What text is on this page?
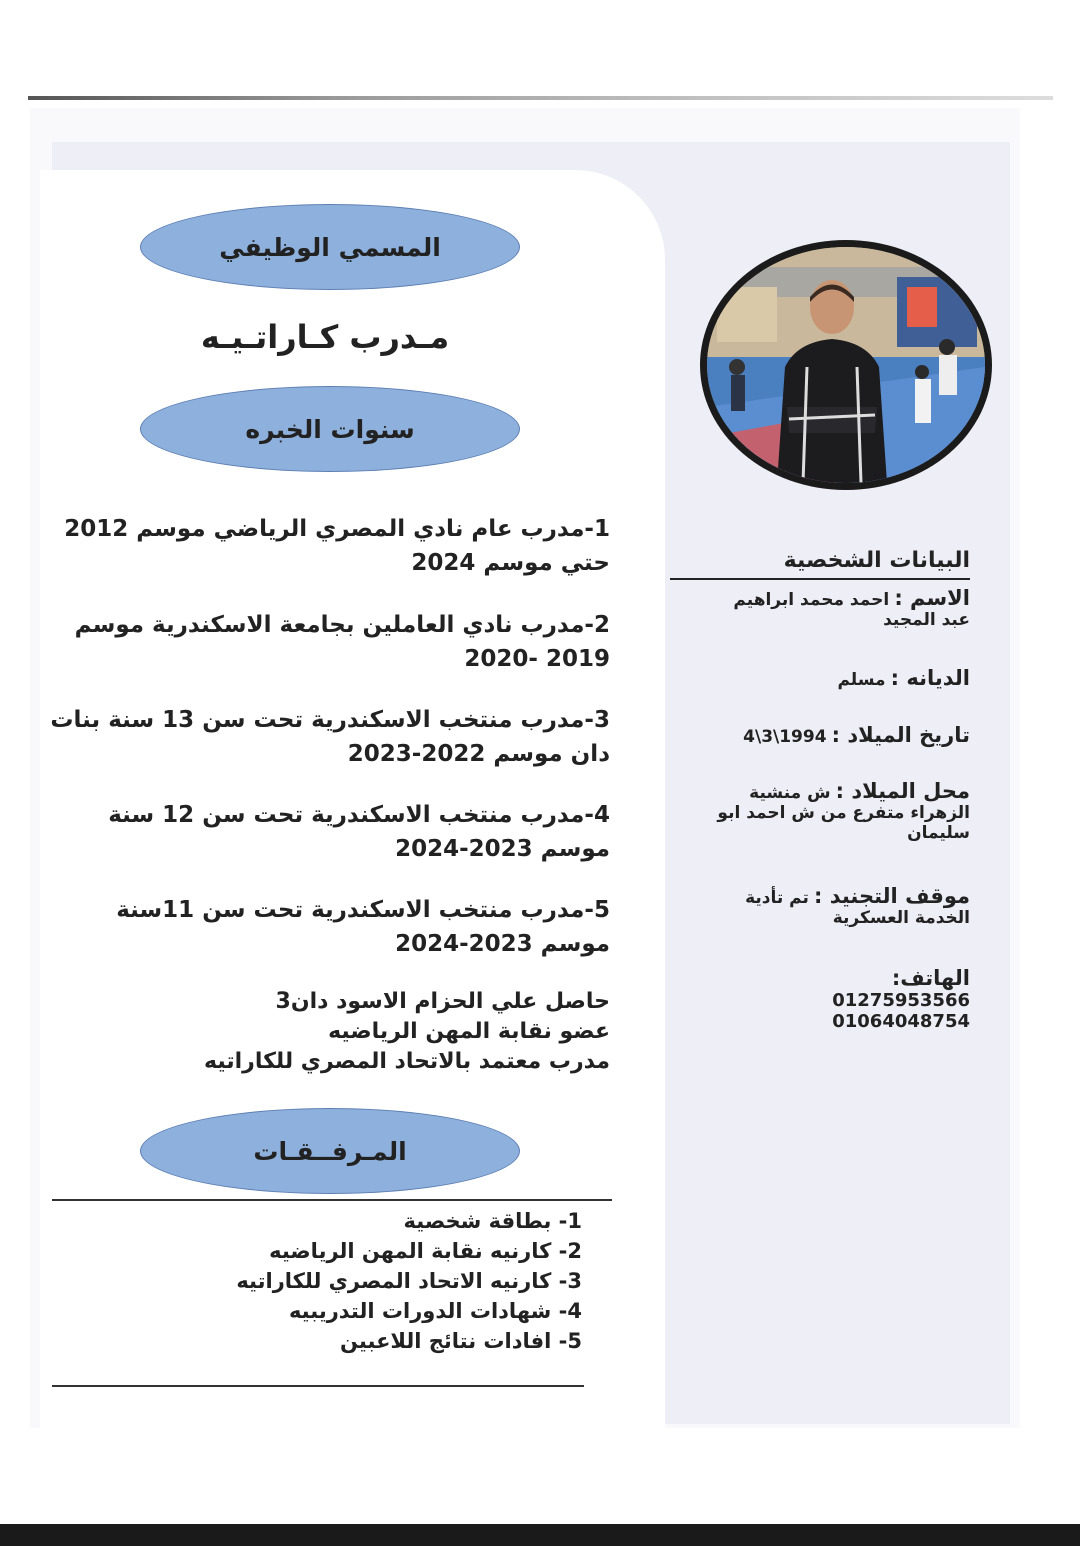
المسمي الوظيفي
مـدرب كـاراتـيـه
سنوات الخبره
1-مدرب عام نادي المصري الرياضي موسم 2012
حتي موسم 2024
2-مدرب نادي العاملين بجامعة الاسكندرية موسم
2019 -2020
3-مدرب منتخب الاسكندرية تحت سن 13 سنة بنات
دان موسم 2022-2023
4-مدرب منتخب الاسكندرية تحت سن 12 سنة
موسم 2023-2024
5-مدرب منتخب الاسكندرية تحت سن 11سنة
موسم 2023-2024
حاصل علي الحزام الاسود دان3
عضو نقابة المهن الرياضيه
مدرب معتمد بالاتحاد المصري للكاراتيه
المـرفــقـات
1- بطاقة شخصية
2- كارنيه نقابة المهن الرياضيه
3- كارنيه الاتحاد المصري للكاراتيه
4- شهادات الدورات التدريبيه
5- افادات نتائج اللاعبين
البيانات الشخصية
الاسم : احمد محمد ابراهيم
عبد المجيد
الديانه : مسلم
تاريخ الميلاد : 4\3\1994
محل الميلاد : ش منشية
الزهراء متفرع من ش احمد ابو
سليمان
موقف التجنيد : تم تأدية
الخدمة العسكرية
الهاتف:
01275953566
01064048754
